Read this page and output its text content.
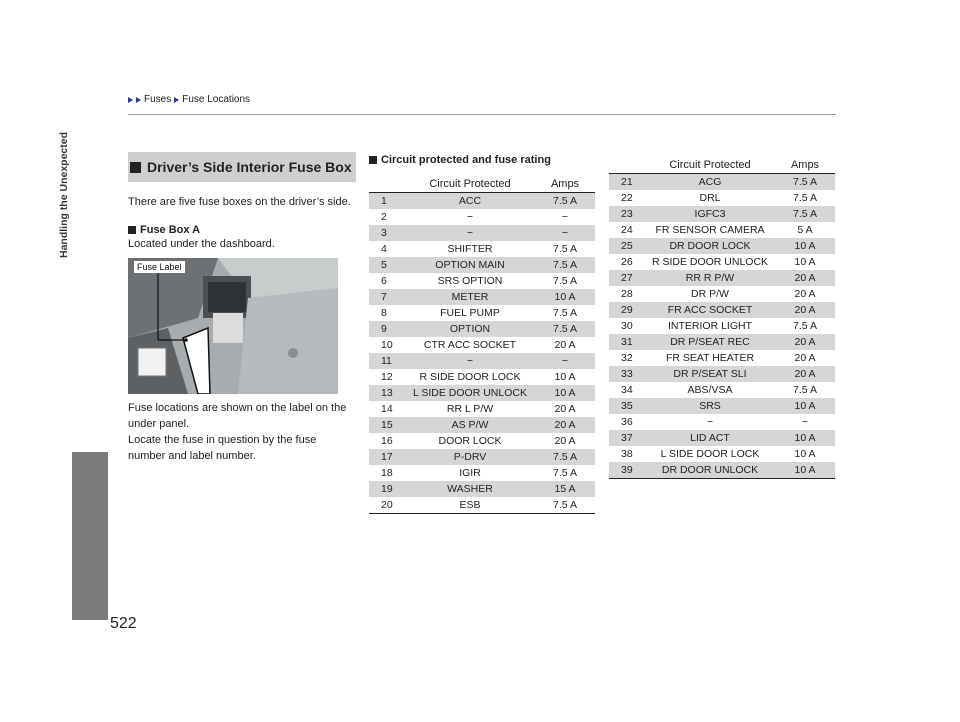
Fuses Fuse Locations
Handling the Unexpected
522
Driver’s Side Interior Fuse Box
There are five fuse boxes on the driver’s side.
Fuse Box A
Located under the dashboard.
Fuse Label
Fuse locations are shown on the label on the under panel.
Locate the fuse in question by the fuse number and label number.
Circuit protected and fuse rating
	Circuit Protected	Amps
1	ACC	7.5 A
2	−	−
3	−	−
4	SHIFTER	7.5 A
5	OPTION MAIN	7.5 A
6	SRS OPTION	7.5 A
7	METER	10 A
8	FUEL PUMP	7.5 A
9	OPTION	7.5 A
10	CTR ACC SOCKET	20 A
11	−	−
12	R SIDE DOOR LOCK	10 A
13	L SIDE DOOR UNLOCK	10 A
14	RR L P/W	20 A
15	AS P/W	20 A
16	DOOR LOCK	20 A
17	P-DRV	7.5 A
18	IGIR	7.5 A
19	WASHER	15 A
20	ESB	7.5 A
	Circuit Protected	Amps
21	ACG	7.5 A
22	DRL	7.5 A
23	IGFC3	7.5 A
24	FR SENSOR CAMERA	5 A
25	DR DOOR LOCK	10 A
26	R SIDE DOOR UNLOCK	10 A
27	RR R P/W	20 A
28	DR P/W	20 A
29	FR ACC SOCKET	20 A
30	INTERIOR LIGHT	7.5 A
31	DR P/SEAT REC	20 A
32	FR SEAT HEATER	20 A
33	DR P/SEAT SLI	20 A
34	ABS/VSA	7.5 A
35	SRS	10 A
36	−	−
37	LID ACT	10 A
38	L SIDE DOOR LOCK	10 A
39	DR DOOR UNLOCK	10 A
